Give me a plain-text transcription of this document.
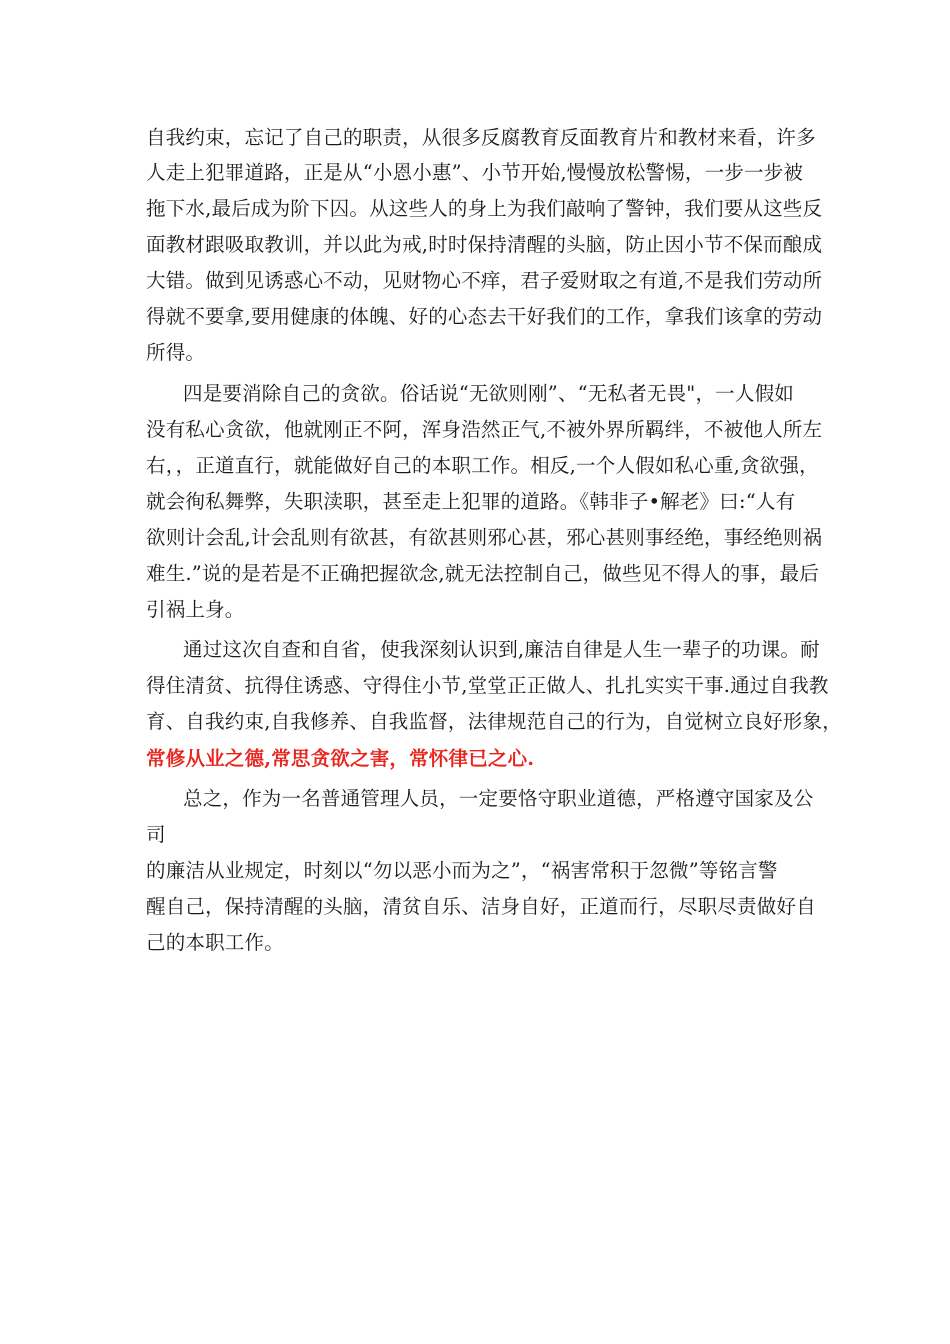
自我约束，忘记了自己的职责，从很多反腐教育反面教育片和教材来看，许多
人走上犯罪道路，正是从“小恩小惠”、小节开始,慢慢放松警惕，一步一步被
拖下水,最后成为阶下囚。从这些人的身上为我们敲响了警钟，我们要从这些反
面教材跟吸取教训，并以此为戒,时时保持清醒的头脑，防止因小节不保而酿成
大错。做到见诱惑心不动，见财物心不痒，君子爱财取之有道,不是我们劳动所
得就不要拿,要用健康的体魄、好的心态去干好我们的工作，拿我们该拿的劳动
所得。
四是要消除自己的贪欲。俗话说“无欲则刚”、“无私者无畏"，一人假如
没有私心贪欲，他就刚正不阿，浑身浩然正气,不被外界所羁绊，不被他人所左
右，，正道直行，就能做好自己的本职工作。相反,一个人假如私心重,贪欲强，
就会徇私舞弊，失职渎职，甚至走上犯罪的道路。《韩非子•解老》曰:“人有
欲则计会乱,计会乱则有欲甚，有欲甚则邪心甚，邪心甚则事经绝，事经绝则祸
难生.”说的是若是不正确把握欲念,就无法控制自己，做些见不得人的事，最后
引祸上身。
通过这次自查和自省，使我深刻认识到,廉洁自律是人生一辈子的功课。耐
得住清贫、抗得住诱惑、守得住小节,堂堂正正做人、扎扎实实干事.通过自我教
育、自我约束,自我修养、自我监督，法律规范自己的行为，自觉树立良好形象，
常修从业之德,常思贪欲之害，常怀律已之心.
总之，作为一名普通管理人员，一定要恪守职业道德，严格遵守国家及公
司
的廉洁从业规定，时刻以“勿以恶小而为之”，“祸害常积于忽微”等铭言警
醒自己，保持清醒的头脑，清贫自乐、洁身自好，正道而行，尽职尽责做好自
己的本职工作。
